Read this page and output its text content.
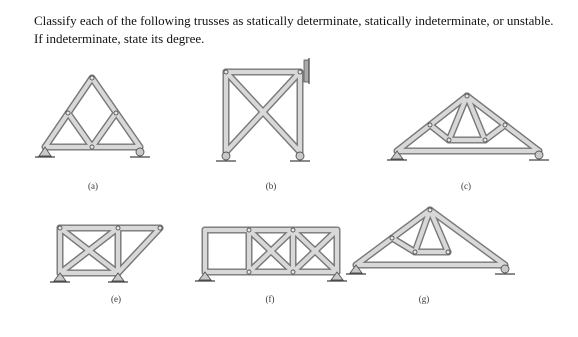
Classify each of the following trusses as statically determinate, statically indeterminate, or unstable.

If indeterminate, state its degree.

(a)	(b)	(c)
(e)	(f)	(g)
